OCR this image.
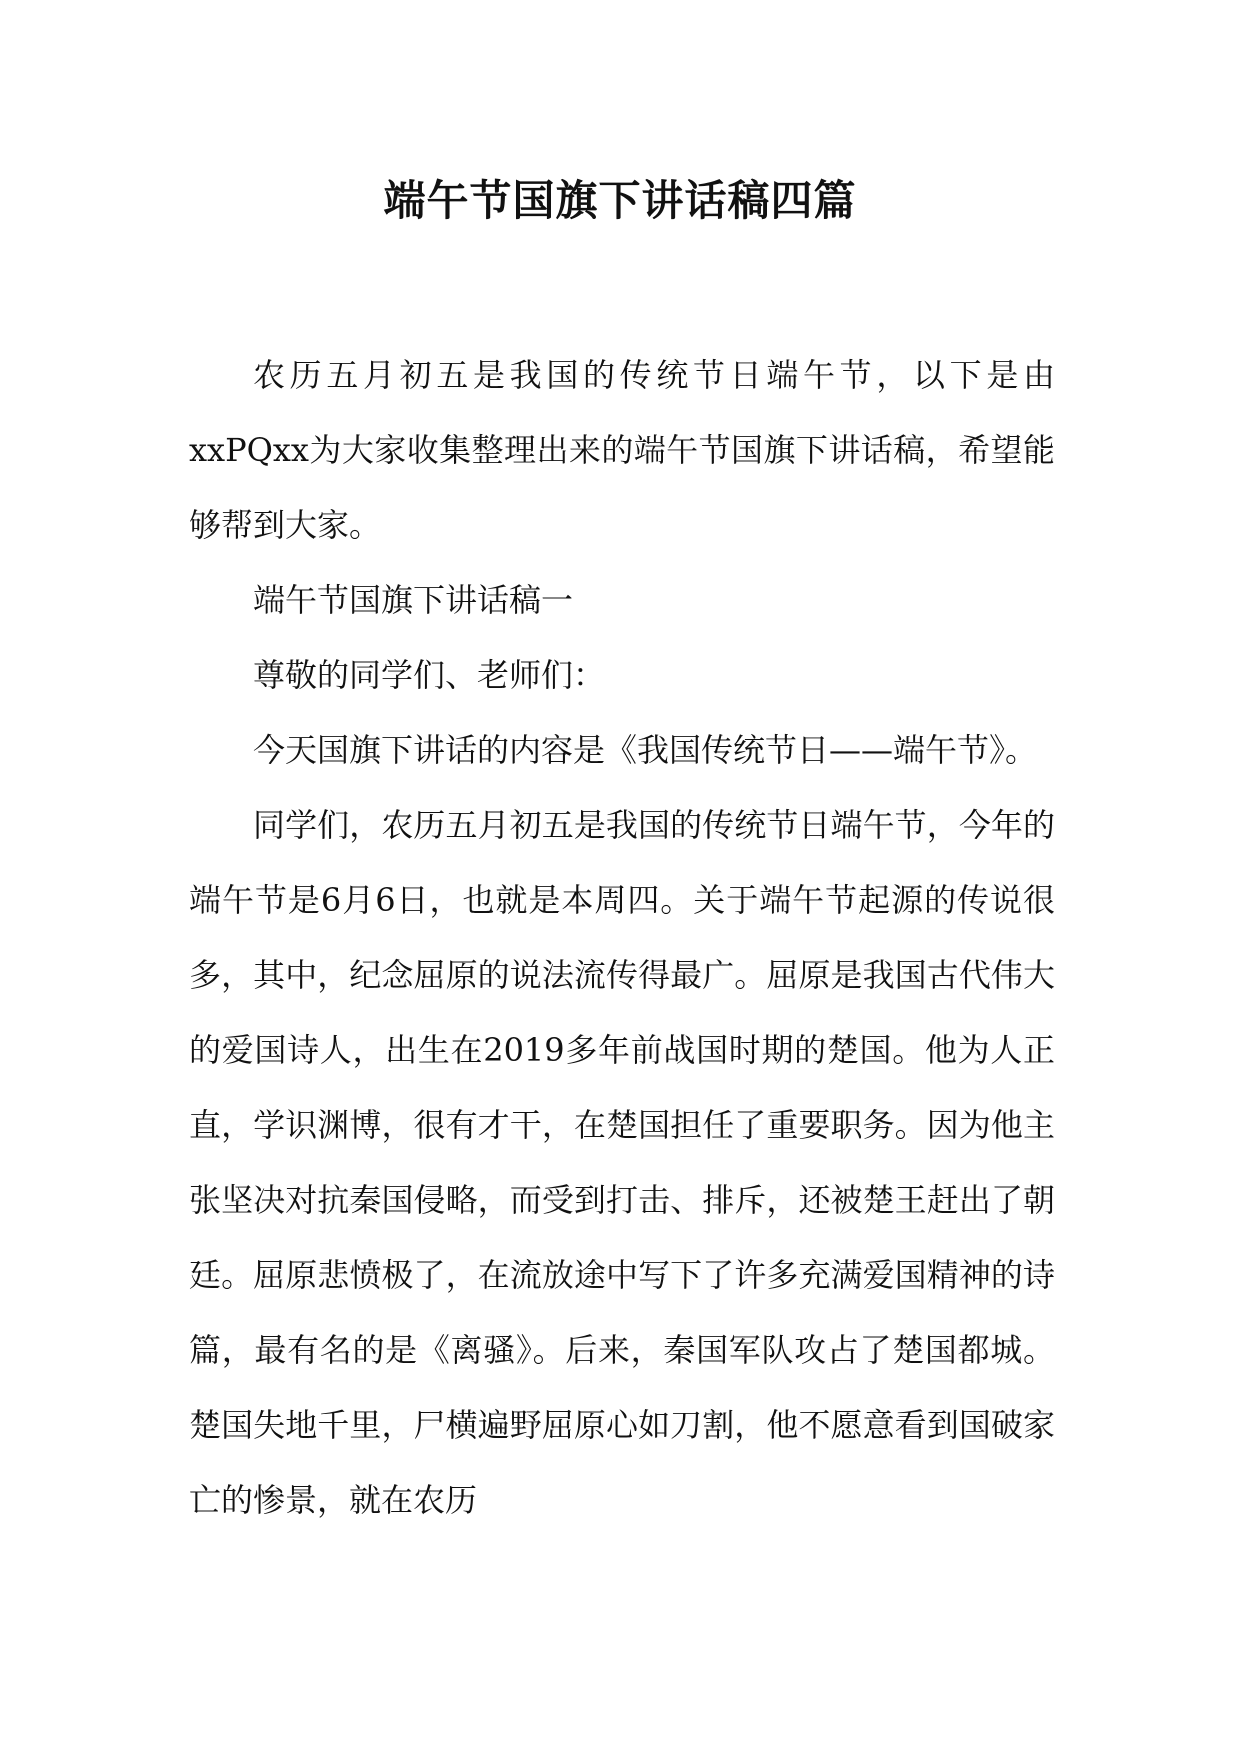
端午节国旗下讲话稿四篇

农历五月初五是我国的传统节日端午节，以下是由xxPQxx为大家收集整理出来的端午节国旗下讲话稿，希望能够帮到大家。

端午节国旗下讲话稿一

尊敬的同学们、老师们：

今天国旗下讲话的内容是《我国传统节日——端午节》。

同学们，农历五月初五是我国的传统节日端午节，今年的端午节是6月6日，也就是本周四。关于端午节起源的传说很多，其中，纪念屈原的说法流传得最广。屈原是我国古代伟大的爱国诗人，出生在2019多年前战国时期的楚国。他为人正直，学识渊博，很有才干，在楚国担任了重要职务。因为他主张坚决对抗秦国侵略，而受到打击、排斥，还被楚王赶出了朝廷。屈原悲愤极了，在流放途中写下了许多充满爱国精神的诗篇，最有名的是《离骚》。后来，秦国军队攻占了楚国都城。楚国失地千里，尸横遍野屈原心如刀割，他不愿意看到国破家亡的惨景，就在农历
